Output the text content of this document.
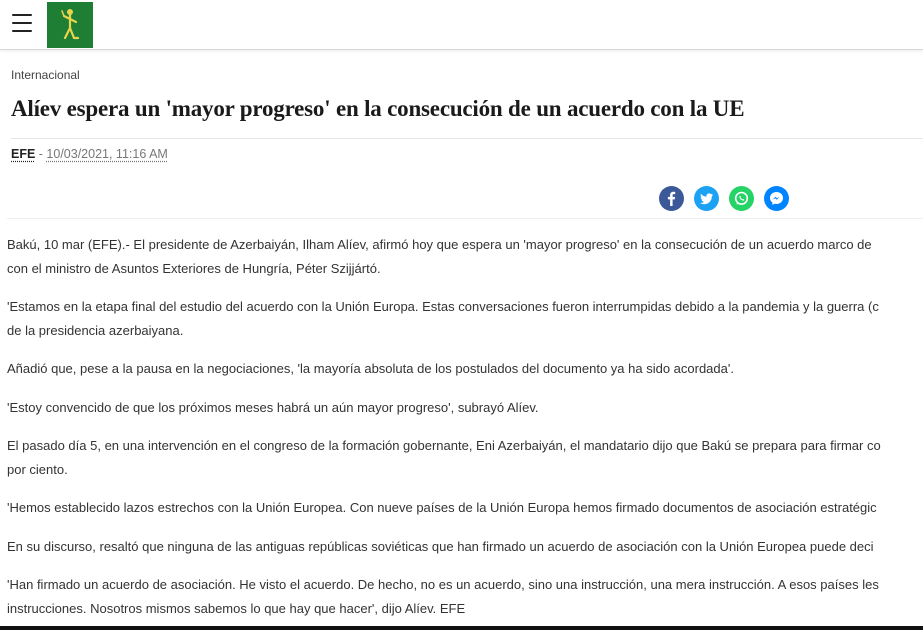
Internacional
Alíev espera un 'mayor progreso' en la consecución de un acuerdo con la UE
EFE - 10/03/2021, 11:16 AM

Bakú, 10 mar (EFE).- El presidente de Azerbaiyán, Ilham Alíev, afirmó hoy que espera un 'mayor progreso' en la consecución de un acuerdo marco de
con el ministro de Asuntos Exteriores de Hungría, Péter Szijjártó.

'Estamos en la etapa final del estudio del acuerdo con la Unión Europa. Estas conversaciones fueron interrumpidas debido a la pandemia y la guerra (c
de la presidencia azerbaiyana.

Añadió que, pese a la pausa en la negociaciones, 'la mayoría absoluta de los postulados del documento ya ha sido acordada'.

'Estoy convencido de que los próximos meses habrá un aún mayor progreso', subrayó Alíev.

El pasado día 5, en una intervención en el congreso de la formación gobernante, Eni Azerbaiyán, el mandatario dijo que Bakú se prepara para firmar co
por ciento.

'Hemos establecido lazos estrechos con la Unión Europea. Con nueve países de la Unión Europa hemos firmado documentos de asociación estratégic

En su discurso, resaltó que ninguna de las antiguas repúblicas soviéticas que han firmado un acuerdo de asociación con la Unión Europea puede deci

'Han firmado un acuerdo de asociación. He visto el acuerdo. De hecho, no es un acuerdo, sino una instrucción, una mera instrucción. A esos países les
instrucciones. Nosotros mismos sabemos lo que hay que hacer', dijo Alíev. EFE
